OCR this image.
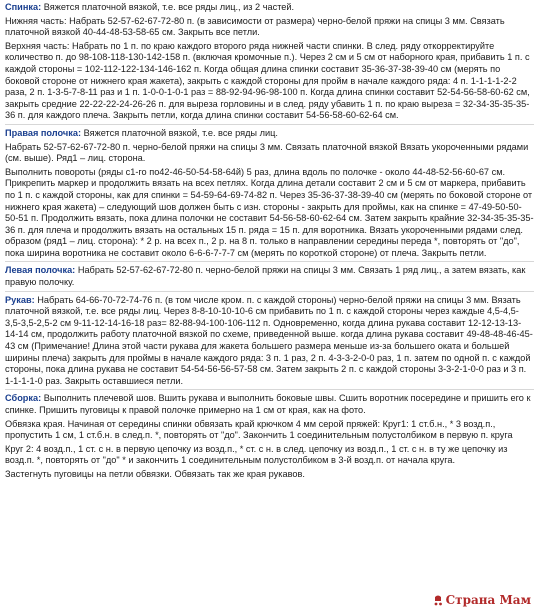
Спинка: Вяжется платочной вязкой, т.е. все ряды лиц., из 2 частей.
Нижняя часть: Набрать 52-57-62-67-72-80 п. (в зависимости от размера) черно-белой пряжи на спицы 3 мм. Связать платочной вязкой 40-44-48-53-58-65 см. Закрыть все петли.
Верхняя часть: Набрать по 1 п. по краю каждого второго ряда нижней части спинки. В след. ряду откорректируйте количество п. до 98-108-118-130-142-158 п. (включая кромочные п.). Через 2 см и 5 см от наборного края, прибавить 1 п. с каждой стороны = 102-112-122-134-146-162 п. Когда общая длина спинки составит 35-36-37-38-39-40 см (мерять по боковой стороне от нижнего края жакета), закрыть с каждой стороны для пройм в начале каждого ряда: 4 п. 1-1-1-1-2-2 раза, 2 п. 1-3-5-7-8-11 раз и 1 п. 1-0-0-1-0-1 раз = 88-92-94-96-98-100 п. Когда длина спинки составит 52-54-56-58-60-62 см, закрыть средние 22-22-22-24-26-26 п. для выреза горловины и в след. ряду убавить 1 п. по краю выреза = 32-34-35-35-35-36 п. для каждого плеча. Закрыть петли, когда длина спинки составит 54-56-58-60-62-64 см.
Правая полочка: Вяжется платочной вязкой, т.е. все ряды лиц.
Набрать 52-57-62-67-72-80 п. черно-белой пряжи на спицы 3 мм. Связать платочной вязкой Вязать укороченными рядами (см. выше). Ряд1 – лиц. сторона.
Выполнить повороты (ряды с1-го по42-46-50-54-58-64й) 5 раз, длина вдоль по полочке - около 44-48-52-56-60-67 см. Прикрепить маркер и продолжить вязать на всех петлях. Когда длина детали составит 2 см и 5 см от маркера, прибавить по 1 п. с каждой стороны, как для спинки = 54-59-64-69-74-82 п. Через 35-36-37-38-39-40 см (мерять по боковой стороне от нижнего края жакета) – следующий шов должен быть с изн. стороны - закрыть для проймы, как на спинке = 47-49-50-50-50-51 п. Продолжить вязать, пока длина полочки не составит 54-56-58-60-62-64 см. Затем закрыть крайние 32-34-35-35-35-36 п. для плеча и продолжить вязать на остальных 15 п. ряда = 15 п. для воротника. Вязать укороченными рядами след. образом (ряд1 – лиц. сторона): * 2 р. на всех п., 2 р. на 8 п. только в направлении середины переда *, повторять от "до", пока ширина воротника не составит около 6-6-6-7-7-7 см (мерять по короткой стороне) от плеча. Закрыть петли.
Левая полочка: Набрать 52-57-62-67-72-80 п. черно-белой пряжи на спицы 3 мм. Связать 1 ряд лиц., а затем вязать, как правую полочку.
Рукав: Набрать 64-66-70-72-74-76 п. (в том числе кром. п. с каждой стороны) черно-белой пряжи на спицы 3 мм. Вязать платочной вязкой, т.е. все ряды лиц. Через 8-8-10-10-10-6 см прибавить по 1 п. с каждой стороны через каждые 4,5-4,5-3,5-3,5-2,5-2 см 9-11-12-14-16-18 раз= 82-88-94-100-106-112 п. Одновременно, когда длина рукава составит 12-12-13-13-14-14 см, продолжить работу платочной вязкой по схеме, приведенной выше. когда длина рукава составит 49-48-48-46-45-43 см (Примечание! Длина этой части рукава для жакета большего размера меньше из-за большего оката и большей ширины плеча) закрыть для проймы в начале каждого ряда: 3 п. 1 раз, 2 п. 4-3-3-2-0-0 раз, 1 п. затем по одной п. с каждой стороны, пока длина рукава не составит 54-54-56-56-57-58 см. Затем закрыть 2 п. с каждой стороны 3-3-2-1-0-0 раз и 3 п. 1-1-1-1-0 раз. Закрыть оставшиеся петли.
Сборка: Выполнить плечевой шов. Вшить рукава и выполнить боковые швы. Сшить воротник посередине и пришить его к спинке. Пришить пуговицы к правой полочке примерно на 1 см от края, как на фото.
Обвязка края. Начиная от середины спинки обвязать край крючком 4 мм серой пряжей: Круг1: 1 ст.б.н., * 3 возд.п., пропустить 1 см, 1 ст.б.н. в след.п. *, повторять от "до". Закончить 1 соединительным полустолбиком в первую п. круга
Круг 2: 4 возд.п., 1 ст. с н. в первую цепочку из возд.п., * ст. с н. в след. цепочку из возд.п., 1 ст. с н. в ту же цепочку из возд.п. *, повторять от "до" * и закончить 1 соединительным полустолбиком в 3-й возд.п. от начала круга.
Застегнуть пуговицы на петли обвязки. Обвязать так же края рукавов.
Страна Мам
